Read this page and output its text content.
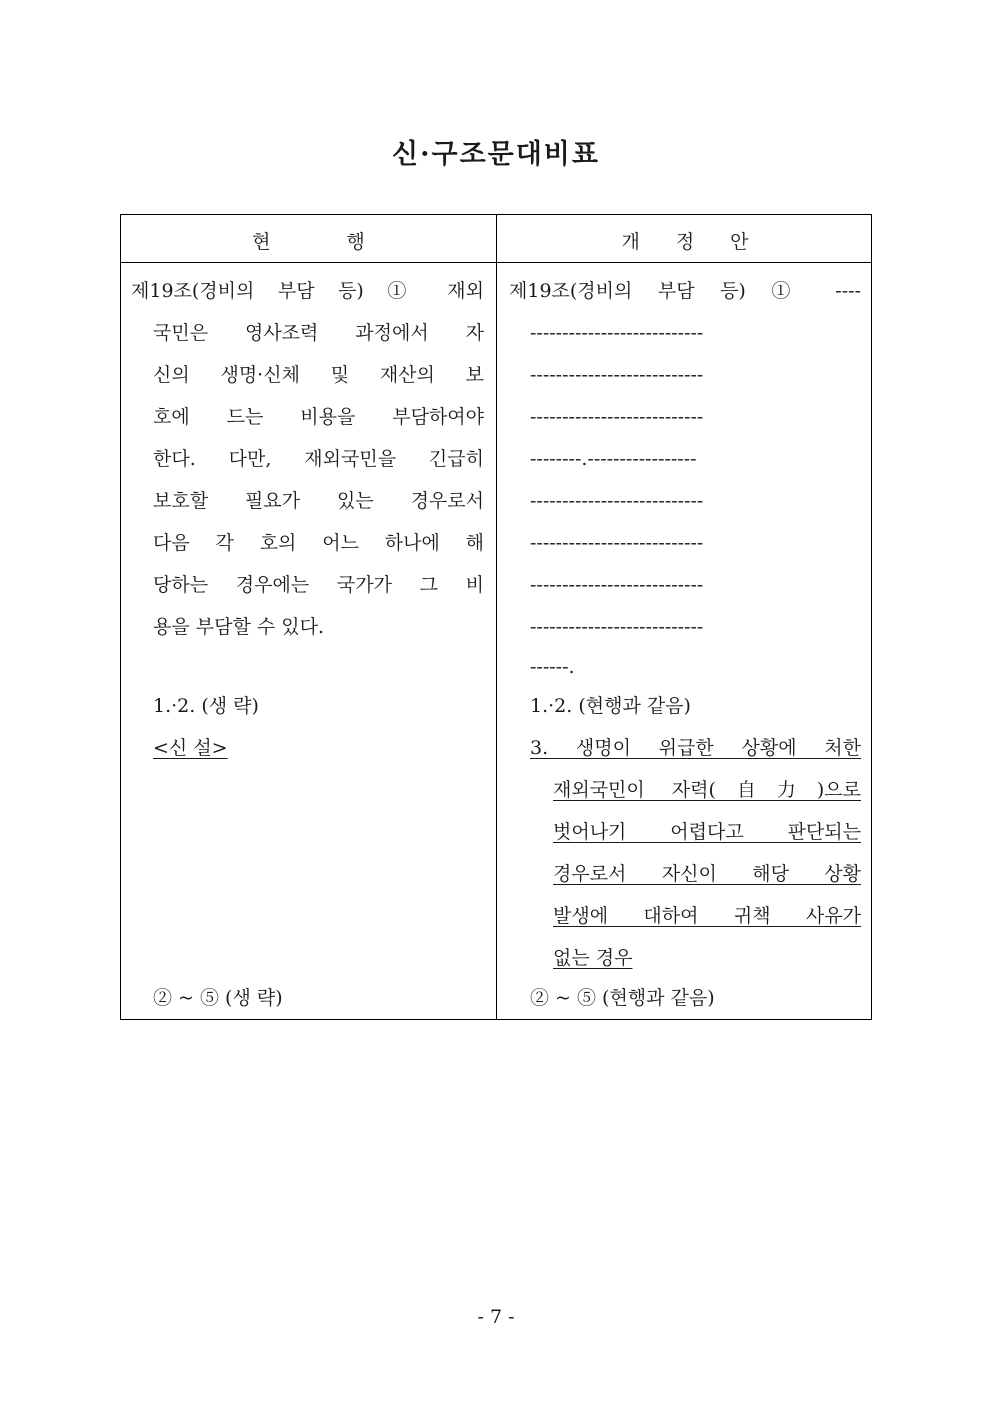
신·구조문대비표
현	행	개 정 안
제19조(경비의 부담 등) ① 재외
국민은 영사조력 과정에서 자
신의 생명·신체 및 재산의 보
호에 드는 비용을 부담하여야
한다. 다만, 재외국민을 긴급히
보호할 필요가 있는 경우로서
다음 각 호의 어느 하나에 해
당하는 경우에는 국가가 그 비
용을 부담할 수 있다.
1.·2. (생 략)
<신 설>
② ~ ⑤ (생 략)
제19조(경비의 부담 등) ① ----
---------------------------
---------------------------
---------------------------
--------.-----------------
---------------------------
---------------------------
---------------------------
---------------------------
------.
1.·2. (현행과 같음)
3. 생명이 위급한 상황에 처한
재외국민이 자력(自力)으로
벗어나기 어렵다고 판단되는
경우로서 자신이 해당 상황
발생에 대하여 귀책 사유가
없는 경우
② ~ ⑤ (현행과 같음)
- 7 -
